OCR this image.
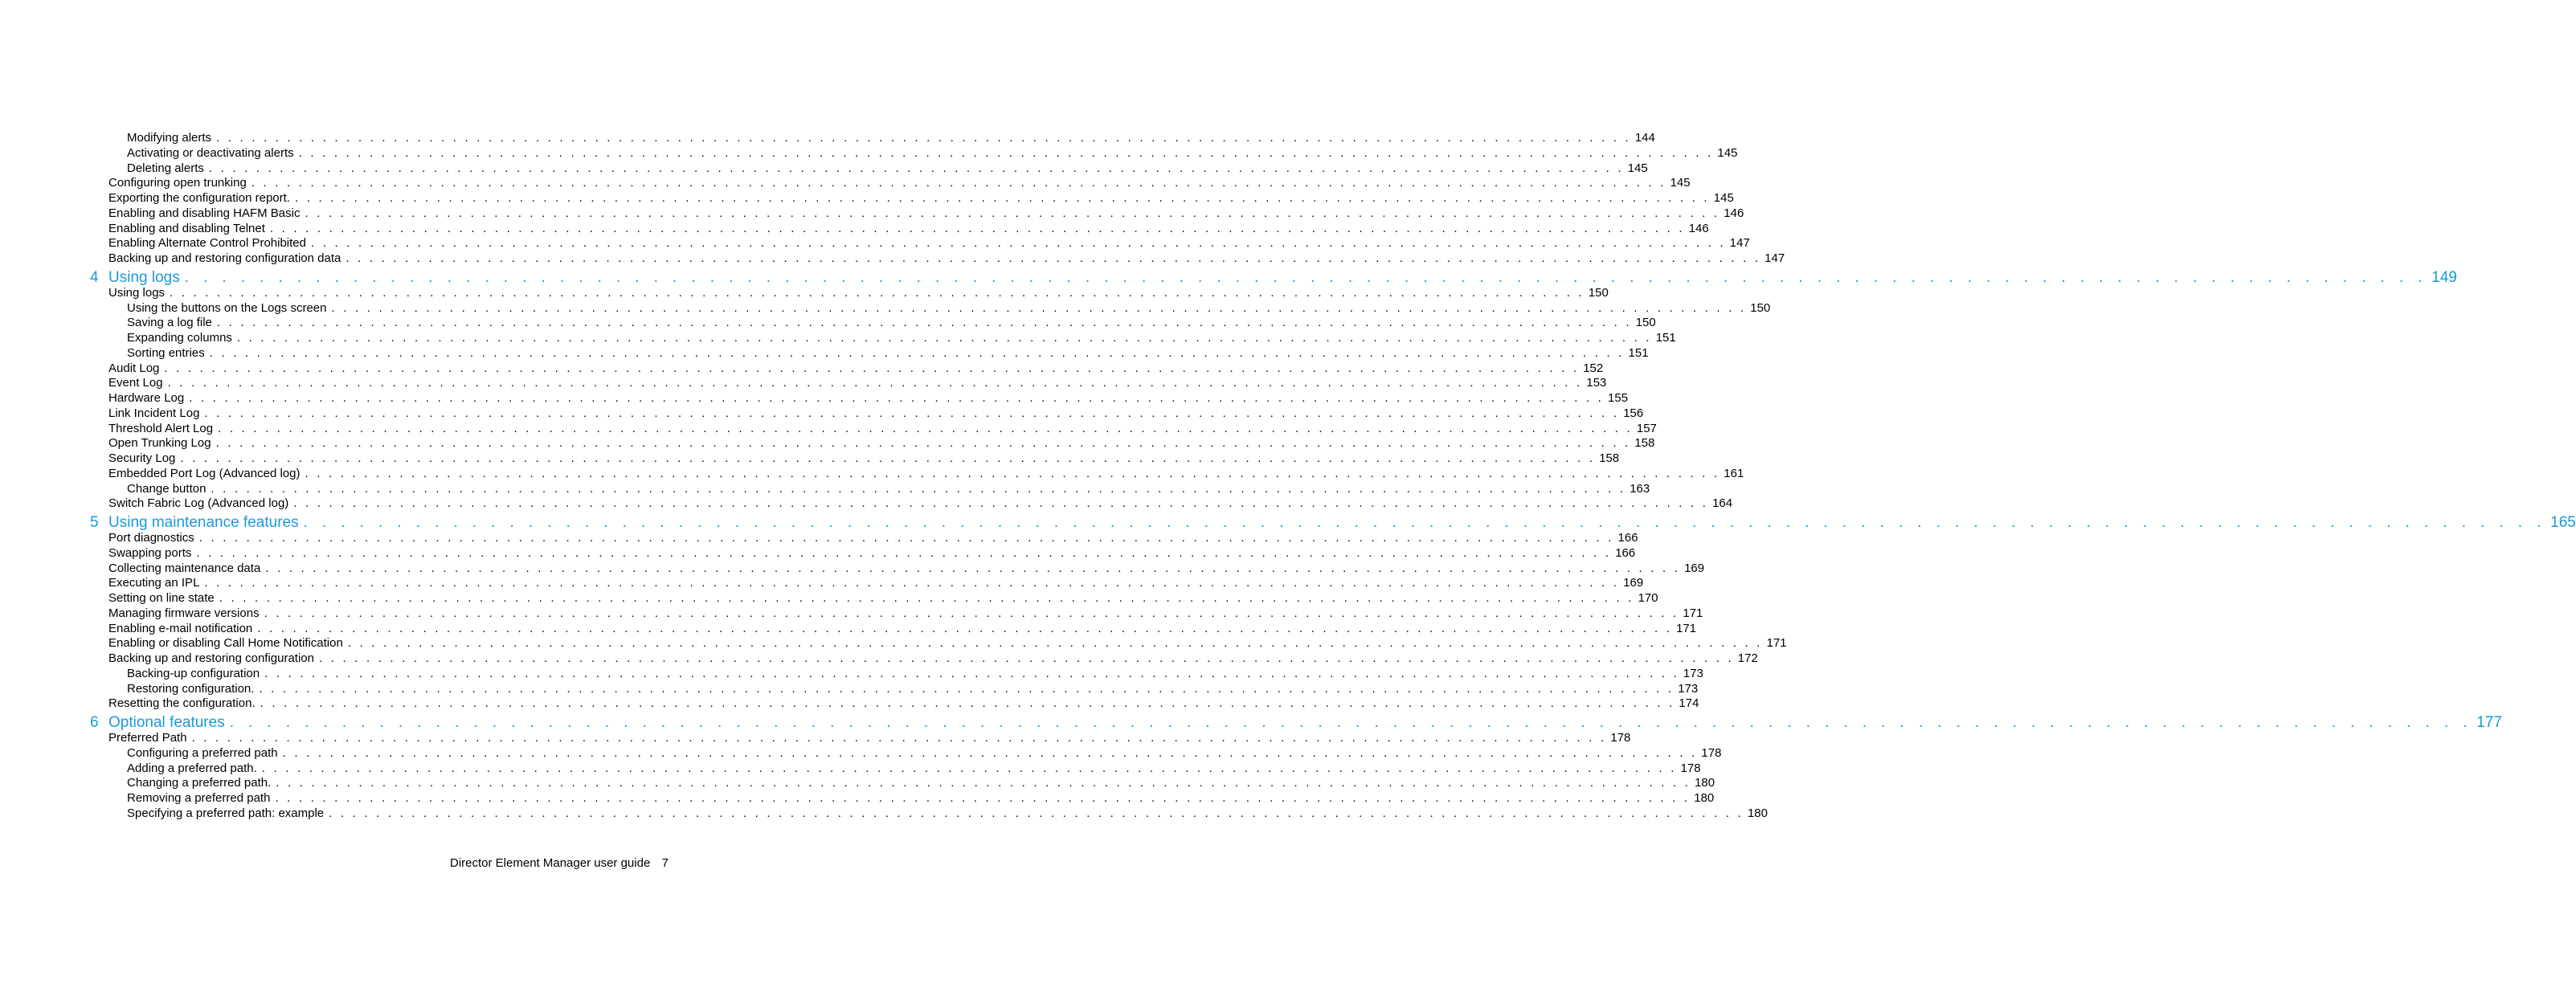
Modifying alerts . . . . . . . . . . . . . . . . . . . . . . . . . . . . . . . . . . . . . . . . . . . . . . . . . . . . . . . . . . . . . . . . . . . . . . . . . . . . . . . . . . . . . . . . . . . . . . . . . . . . . . . . . . . . . . . . . . . . . . . . 144
Activating or deactivating alerts . . . . . . . . . . . . . . . . . . . . . . . . . . . . . . . . . . . . . . . . . . . . . . . . . . . . . . . . . . . . . . . . . . . . . . . . . . . . . . . . . . . . . . . . . . . . . . . . . . . . . . . . . . . . . . . . . . . . . . . . 145
Deleting alerts . . . . . . . . . . . . . . . . . . . . . . . . . . . . . . . . . . . . . . . . . . . . . . . . . . . . . . . . . . . . . . . . . . . . . . . . . . . . . . . . . . . . . . . . . . . . . . . . . . . . . . . . . . . . . . . . . . . . . . . . 145
Configuring open trunking . . . . . . . . . . . . . . . . . . . . . . . . . . . . . . . . . . . . . . . . . . . . . . . . . . . . . . . . . . . . . . . . . . . . . . . . . . . . . . . . . . . . . . . . . . . . . . . . . . . . . . . . . . . . . . . . . . . . . . . . 145
Exporting the configuration report. . . . . . . . . . . . . . . . . . . . . . . . . . . . . . . . . . . . . . . . . . . . . . . . . . . . . . . . . . . . . . . . . . . . . . . . . . . . . . . . . . . . . . . . . . . . . . . . . . . . . . . . . . . . . . . . . . . . . . . . . 145
Enabling and disabling HAFM Basic . . . . . . . . . . . . . . . . . . . . . . . . . . . . . . . . . . . . . . . . . . . . . . . . . . . . . . . . . . . . . . . . . . . . . . . . . . . . . . . . . . . . . . . . . . . . . . . . . . . . . . . . . . . . . . . . . . . . . . . . 146
Enabling and disabling Telnet . . . . . . . . . . . . . . . . . . . . . . . . . . . . . . . . . . . . . . . . . . . . . . . . . . . . . . . . . . . . . . . . . . . . . . . . . . . . . . . . . . . . . . . . . . . . . . . . . . . . . . . . . . . . . . . . . . . . . . . . 146
Enabling Alternate Control Prohibited . . . . . . . . . . . . . . . . . . . . . . . . . . . . . . . . . . . . . . . . . . . . . . . . . . . . . . . . . . . . . . . . . . . . . . . . . . . . . . . . . . . . . . . . . . . . . . . . . . . . . . . . . . . . . . . . . . . . . . . . 147
Backing up and restoring configuration data . . . . . . . . . . . . . . . . . . . . . . . . . . . . . . . . . . . . . . . . . . . . . . . . . . . . . . . . . . . . . . . . . . . . . . . . . . . . . . . . . . . . . . . . . . . . . . . . . . . . . . . . . . . . . . . . . . . . . . . . 147
4 Using logs . . . . . . . . . . . . . . . . . . . . . . . . . . . . . . . . . . . . . . . . . . . . . . . . . . . . . . . . . . . . . . . . . . . . . . . . . . . . . . . . . . . . . . . . . . . . . . . . . . . . . . . . . . . . . . . . . . . . . . . . 149
Using logs . . . . . . . . . . . . . . . . . . . . . . . . . . . . . . . . . . . . . . . . . . . . . . . . . . . . . . . . . . . . . . . . . . . . . . . . . . . . . . . . . . . . . . . . . . . . . . . . . . . . . . . . . . . . . . . . . . . . . . . . 150
Using the buttons on the Logs screen . . . . . . . . . . . . . . . . . . . . . . . . . . . . . . . . . . . . . . . . . . . . . . . . . . . . . . . . . . . . . . . . . . . . . . . . . . . . . . . . . . . . . . . . . . . . . . . . . . . . . . . . . . . . . . . . . . . . . . . . 150
Saving a log file . . . . . . . . . . . . . . . . . . . . . . . . . . . . . . . . . . . . . . . . . . . . . . . . . . . . . . . . . . . . . . . . . . . . . . . . . . . . . . . . . . . . . . . . . . . . . . . . . . . . . . . . . . . . . . . . . . . . . . . . 150
Expanding columns . . . . . . . . . . . . . . . . . . . . . . . . . . . . . . . . . . . . . . . . . . . . . . . . . . . . . . . . . . . . . . . . . . . . . . . . . . . . . . . . . . . . . . . . . . . . . . . . . . . . . . . . . . . . . . . . . . . . . . . . 151
Sorting entries . . . . . . . . . . . . . . . . . . . . . . . . . . . . . . . . . . . . . . . . . . . . . . . . . . . . . . . . . . . . . . . . . . . . . . . . . . . . . . . . . . . . . . . . . . . . . . . . . . . . . . . . . . . . . . . . . . . . . . . . 151
Audit Log . . . . . . . . . . . . . . . . . . . . . . . . . . . . . . . . . . . . . . . . . . . . . . . . . . . . . . . . . . . . . . . . . . . . . . . . . . . . . . . . . . . . . . . . . . . . . . . . . . . . . . . . . . . . . . . . . . . . . . . . 152
Event Log . . . . . . . . . . . . . . . . . . . . . . . . . . . . . . . . . . . . . . . . . . . . . . . . . . . . . . . . . . . . . . . . . . . . . . . . . . . . . . . . . . . . . . . . . . . . . . . . . . . . . . . . . . . . . . . . . . . . . . . . 153
Hardware Log . . . . . . . . . . . . . . . . . . . . . . . . . . . . . . . . . . . . . . . . . . . . . . . . . . . . . . . . . . . . . . . . . . . . . . . . . . . . . . . . . . . . . . . . . . . . . . . . . . . . . . . . . . . . . . . . . . . . . . . . 155
Link Incident Log . . . . . . . . . . . . . . . . . . . . . . . . . . . . . . . . . . . . . . . . . . . . . . . . . . . . . . . . . . . . . . . . . . . . . . . . . . . . . . . . . . . . . . . . . . . . . . . . . . . . . . . . . . . . . . . . . . . . . . . . 156
Threshold Alert Log . . . . . . . . . . . . . . . . . . . . . . . . . . . . . . . . . . . . . . . . . . . . . . . . . . . . . . . . . . . . . . . . . . . . . . . . . . . . . . . . . . . . . . . . . . . . . . . . . . . . . . . . . . . . . . . . . . . . . . . . 157
Open Trunking Log . . . . . . . . . . . . . . . . . . . . . . . . . . . . . . . . . . . . . . . . . . . . . . . . . . . . . . . . . . . . . . . . . . . . . . . . . . . . . . . . . . . . . . . . . . . . . . . . . . . . . . . . . . . . . . . . . . . . . . . . 158
Security Log . . . . . . . . . . . . . . . . . . . . . . . . . . . . . . . . . . . . . . . . . . . . . . . . . . . . . . . . . . . . . . . . . . . . . . . . . . . . . . . . . . . . . . . . . . . . . . . . . . . . . . . . . . . . . . . . . . . . . . . . 158
Embedded Port Log (Advanced log) . . . . . . . . . . . . . . . . . . . . . . . . . . . . . . . . . . . . . . . . . . . . . . . . . . . . . . . . . . . . . . . . . . . . . . . . . . . . . . . . . . . . . . . . . . . . . . . . . . . . . . . . . . . . . . . . . . . . . . . . 161
Change button . . . . . . . . . . . . . . . . . . . . . . . . . . . . . . . . . . . . . . . . . . . . . . . . . . . . . . . . . . . . . . . . . . . . . . . . . . . . . . . . . . . . . . . . . . . . . . . . . . . . . . . . . . . . . . . . . . . . . . . . 163
Switch Fabric Log (Advanced log) . . . . . . . . . . . . . . . . . . . . . . . . . . . . . . . . . . . . . . . . . . . . . . . . . . . . . . . . . . . . . . . . . . . . . . . . . . . . . . . . . . . . . . . . . . . . . . . . . . . . . . . . . . . . . . . . . . . . . . . . 164
5 Using maintenance features . . . . . . . . . . . . . . . . . . . . . . . . . . . . . . . . . . . . . . . . . . . . . . . . . . . . . . . . . . . . . . . . . . . . . . . . . . . . . . . . . . . . . . . . . . . . . . . . . . . . . . . . . . . . . . . . . . . . . . . . 165
Port diagnostics . . . . . . . . . . . . . . . . . . . . . . . . . . . . . . . . . . . . . . . . . . . . . . . . . . . . . . . . . . . . . . . . . . . . . . . . . . . . . . . . . . . . . . . . . . . . . . . . . . . . . . . . . . . . . . . . . . . . . . . . 166
Swapping ports . . . . . . . . . . . . . . . . . . . . . . . . . . . . . . . . . . . . . . . . . . . . . . . . . . . . . . . . . . . . . . . . . . . . . . . . . . . . . . . . . . . . . . . . . . . . . . . . . . . . . . . . . . . . . . . . . . . . . . . . 166
Collecting maintenance data . . . . . . . . . . . . . . . . . . . . . . . . . . . . . . . . . . . . . . . . . . . . . . . . . . . . . . . . . . . . . . . . . . . . . . . . . . . . . . . . . . . . . . . . . . . . . . . . . . . . . . . . . . . . . . . . . . . . . . . . 169
Executing an IPL . . . . . . . . . . . . . . . . . . . . . . . . . . . . . . . . . . . . . . . . . . . . . . . . . . . . . . . . . . . . . . . . . . . . . . . . . . . . . . . . . . . . . . . . . . . . . . . . . . . . . . . . . . . . . . . . . . . . . . . . 169
Setting on line state . . . . . . . . . . . . . . . . . . . . . . . . . . . . . . . . . . . . . . . . . . . . . . . . . . . . . . . . . . . . . . . . . . . . . . . . . . . . . . . . . . . . . . . . . . . . . . . . . . . . . . . . . . . . . . . . . . . . . . . . 170
Managing firmware versions . . . . . . . . . . . . . . . . . . . . . . . . . . . . . . . . . . . . . . . . . . . . . . . . . . . . . . . . . . . . . . . . . . . . . . . . . . . . . . . . . . . . . . . . . . . . . . . . . . . . . . . . . . . . . . . . . . . . . . . . 171
Enabling e-mail notification . . . . . . . . . . . . . . . . . . . . . . . . . . . . . . . . . . . . . . . . . . . . . . . . . . . . . . . . . . . . . . . . . . . . . . . . . . . . . . . . . . . . . . . . . . . . . . . . . . . . . . . . . . . . . . . . . . . . . . . . 171
Enabling or disabling Call Home Notification . . . . . . . . . . . . . . . . . . . . . . . . . . . . . . . . . . . . . . . . . . . . . . . . . . . . . . . . . . . . . . . . . . . . . . . . . . . . . . . . . . . . . . . . . . . . . . . . . . . . . . . . . . . . . . . . . . . . . . . . 171
Backing up and restoring configuration . . . . . . . . . . . . . . . . . . . . . . . . . . . . . . . . . . . . . . . . . . . . . . . . . . . . . . . . . . . . . . . . . . . . . . . . . . . . . . . . . . . . . . . . . . . . . . . . . . . . . . . . . . . . . . . . . . . . . . . . 172
Backing-up configuration . . . . . . . . . . . . . . . . . . . . . . . . . . . . . . . . . . . . . . . . . . . . . . . . . . . . . . . . . . . . . . . . . . . . . . . . . . . . . . . . . . . . . . . . . . . . . . . . . . . . . . . . . . . . . . . . . . . . . . . . 173
Restoring configuration. . . . . . . . . . . . . . . . . . . . . . . . . . . . . . . . . . . . . . . . . . . . . . . . . . . . . . . . . . . . . . . . . . . . . . . . . . . . . . . . . . . . . . . . . . . . . . . . . . . . . . . . . . . . . . . . . . . . . . . . . 173
Resetting the configuration. . . . . . . . . . . . . . . . . . . . . . . . . . . . . . . . . . . . . . . . . . . . . . . . . . . . . . . . . . . . . . . . . . . . . . . . . . . . . . . . . . . . . . . . . . . . . . . . . . . . . . . . . . . . . . . . . . . . . . . . . 174
6 Optional features . . . . . . . . . . . . . . . . . . . . . . . . . . . . . . . . . . . . . . . . . . . . . . . . . . . . . . . . . . . . . . . . . . . . . . . . . . . . . . . . . . . . . . . . . . . . . . . . . . . . . . . . . . . . . . . . . . . . . . . . 177
Preferred Path . . . . . . . . . . . . . . . . . . . . . . . . . . . . . . . . . . . . . . . . . . . . . . . . . . . . . . . . . . . . . . . . . . . . . . . . . . . . . . . . . . . . . . . . . . . . . . . . . . . . . . . . . . . . . . . . . . . . . . . . 178
Configuring a preferred path . . . . . . . . . . . . . . . . . . . . . . . . . . . . . . . . . . . . . . . . . . . . . . . . . . . . . . . . . . . . . . . . . . . . . . . . . . . . . . . . . . . . . . . . . . . . . . . . . . . . . . . . . . . . . . . . . . . . . . . . 178
Adding a preferred path. . . . . . . . . . . . . . . . . . . . . . . . . . . . . . . . . . . . . . . . . . . . . . . . . . . . . . . . . . . . . . . . . . . . . . . . . . . . . . . . . . . . . . . . . . . . . . . . . . . . . . . . . . . . . . . . . . . . . . . . . 178
Changing a preferred path. . . . . . . . . . . . . . . . . . . . . . . . . . . . . . . . . . . . . . . . . . . . . . . . . . . . . . . . . . . . . . . . . . . . . . . . . . . . . . . . . . . . . . . . . . . . . . . . . . . . . . . . . . . . . . . . . . . . . . . . . 180
Removing a preferred path . . . . . . . . . . . . . . . . . . . . . . . . . . . . . . . . . . . . . . . . . . . . . . . . . . . . . . . . . . . . . . . . . . . . . . . . . . . . . . . . . . . . . . . . . . . . . . . . . . . . . . . . . . . . . . . . . . . . . . . . 180
Specifying a preferred path: example . . . . . . . . . . . . . . . . . . . . . . . . . . . . . . . . . . . . . . . . . . . . . . . . . . . . . . . . . . . . . . . . . . . . . . . . . . . . . . . . . . . . . . . . . . . . . . . . . . . . . . . . . . . . . . . . . . . . . . . . 180
Director Element Manager user guide 7
